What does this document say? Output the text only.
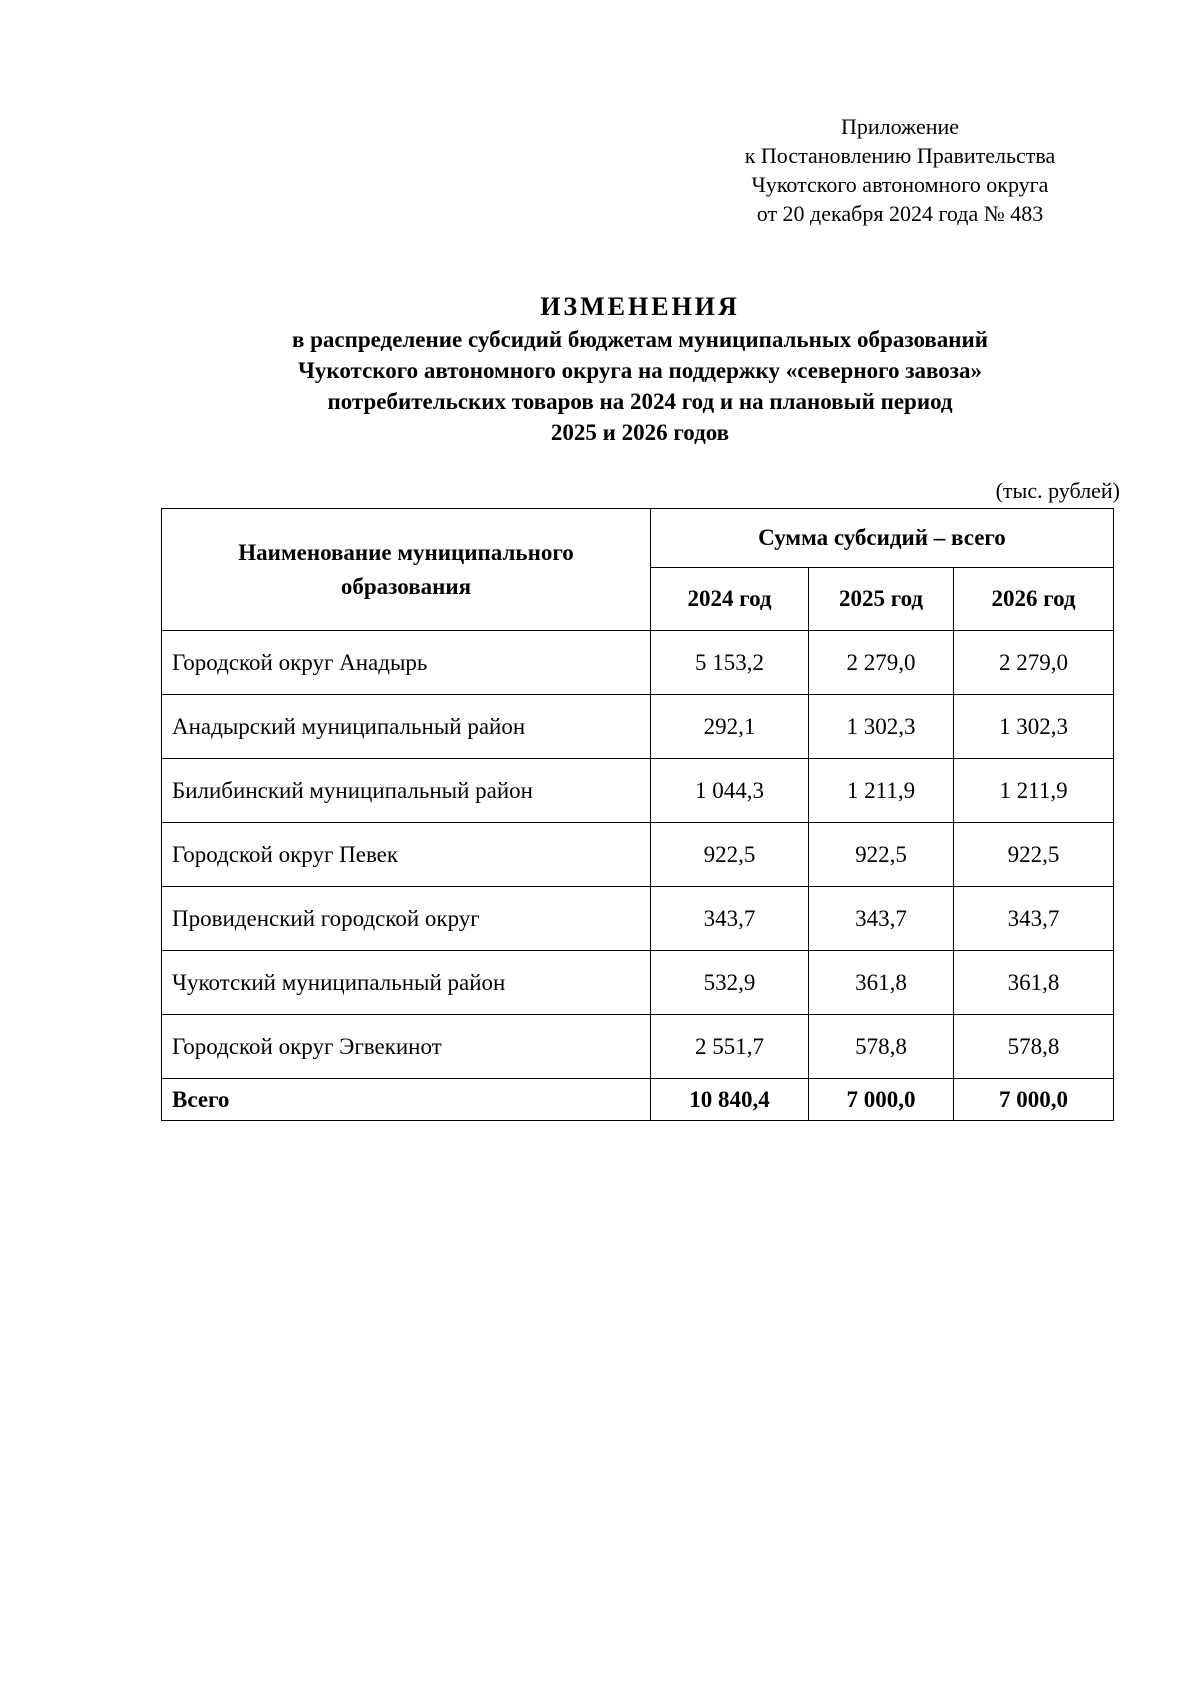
Приложение
к Постановлению Правительства
Чукотского автономного округа
от 20 декабря 2024 года № 483
ИЗМЕНЕНИЯ
в распределение субсидий бюджетам муниципальных образований
Чукотского автономного округа на поддержку «северного завоза»
потребительских товаров на 2024 год и на плановый период
2025 и 2026 годов
(тыс. рублей)
Наименование муниципального образования	Сумма субсидий – всего		
	2024 год	2025 год	2026 год
Городской округ Анадырь	5 153,2	2 279,0	2 279,0
Анадырский муниципальный район	292,1	1 302,3	1 302,3
Билибинский муниципальный район	1 044,3	1 211,9	1 211,9
Городской округ Певек	922,5	922,5	922,5
Провиденский городской округ	343,7	343,7	343,7
Чукотский муниципальный район	532,9	361,8	361,8
Городской округ Эгвекинот	2 551,7	578,8	578,8
Всего	10 840,4	7 000,0	7 000,0
